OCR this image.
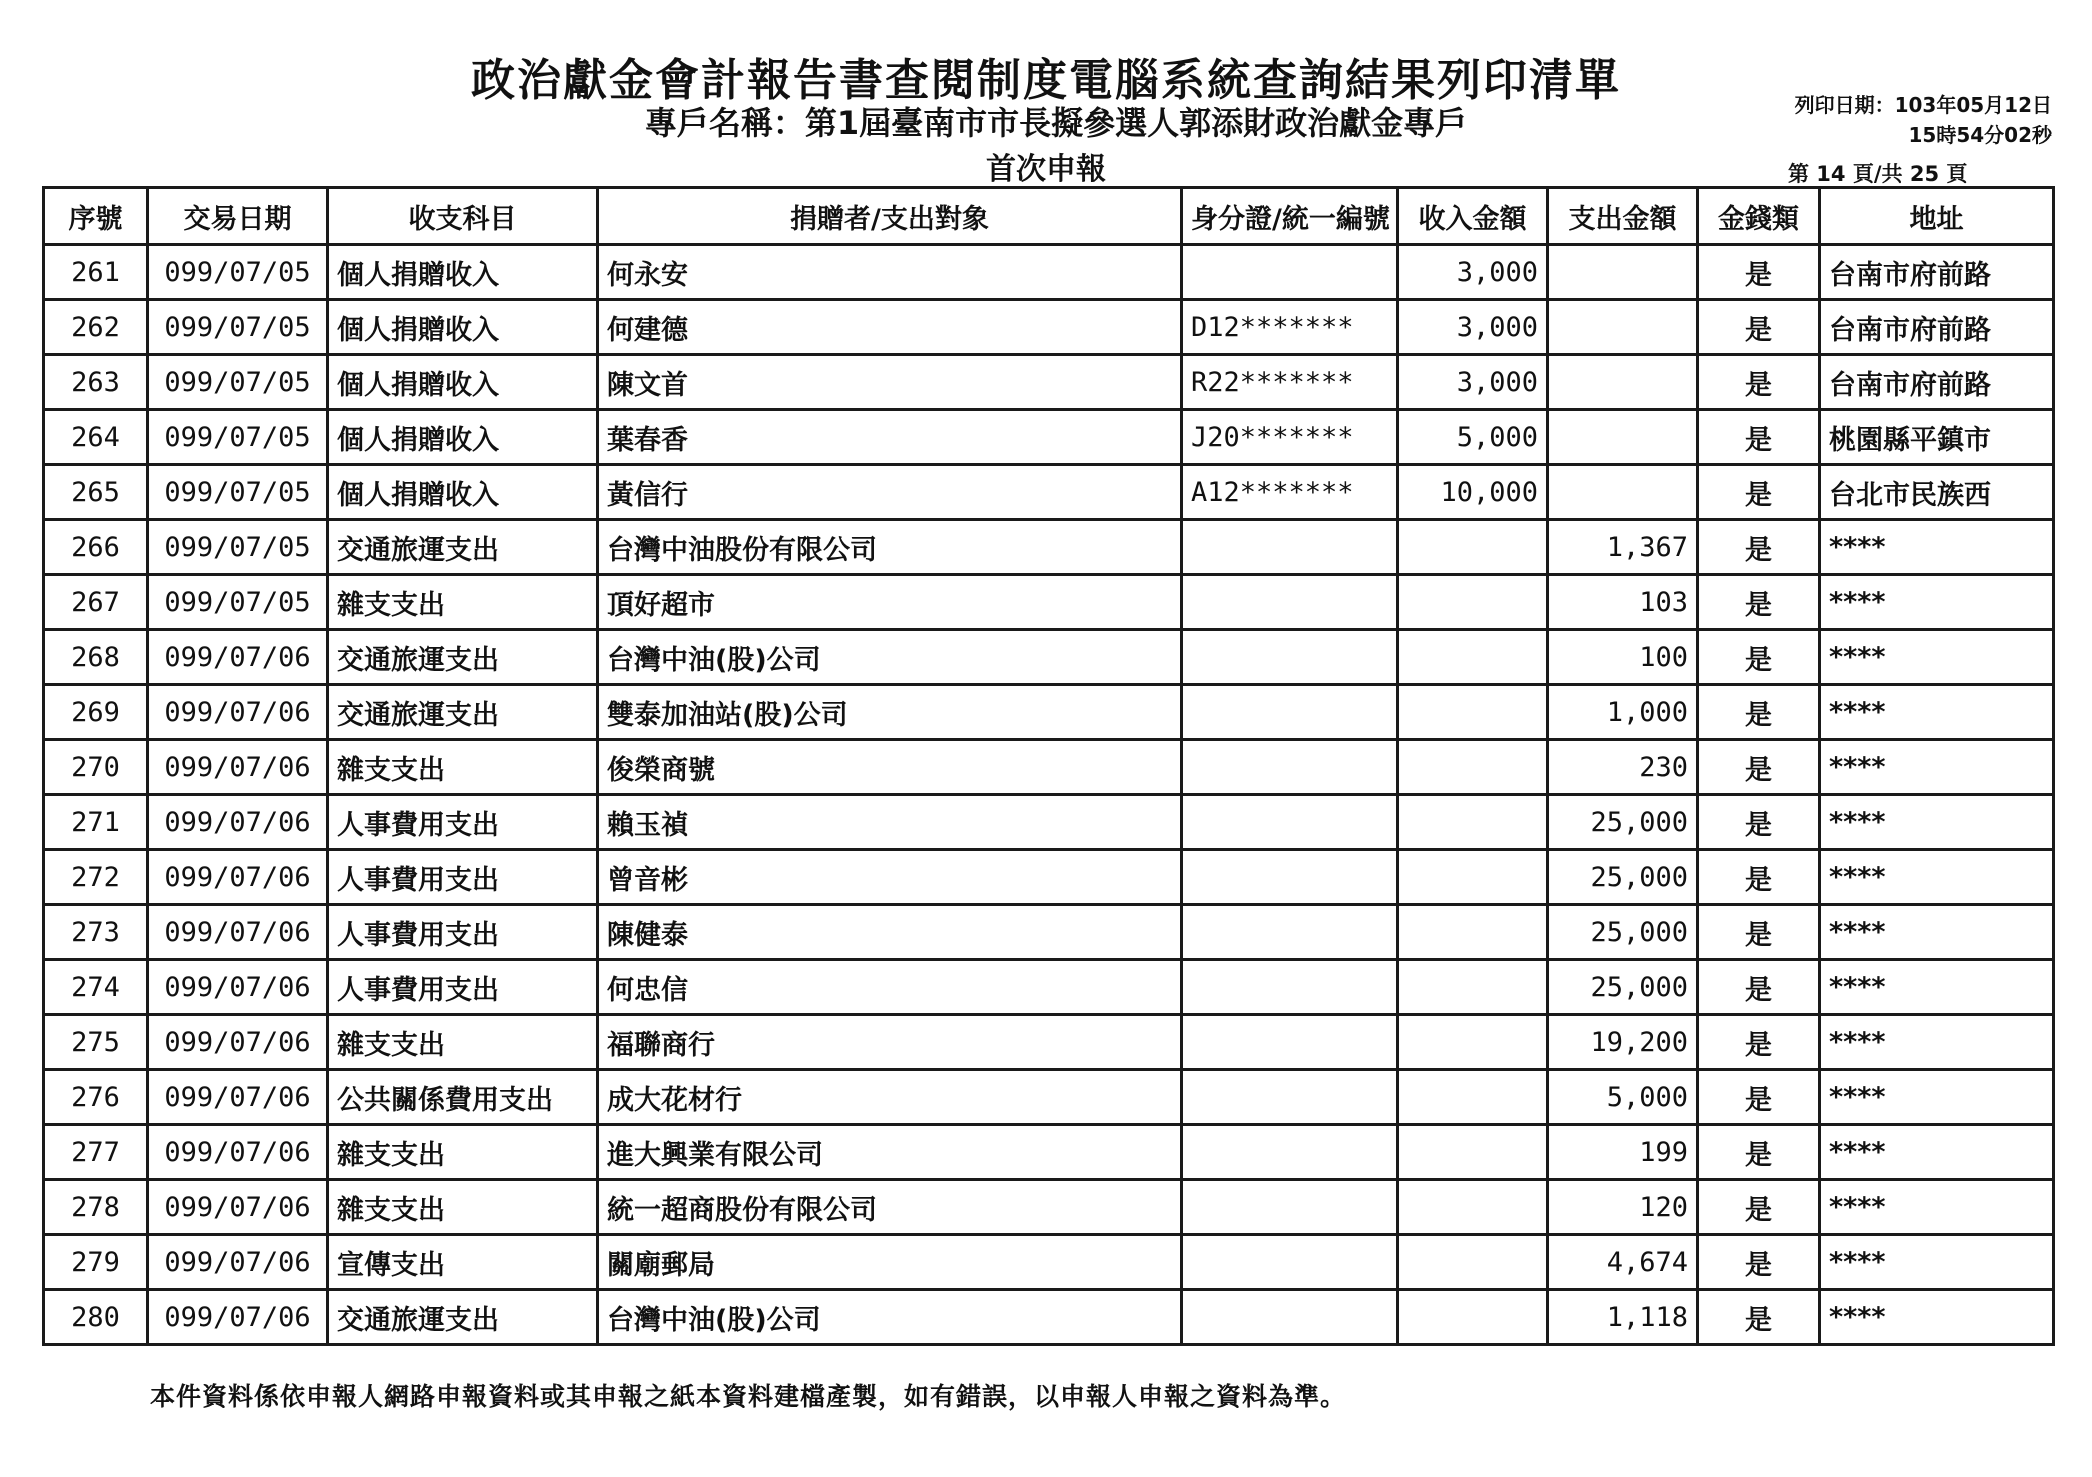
政治獻金會計報告書查閱制度電腦系統查詢結果列印清單
專戶名稱：第1屆臺南市市長擬參選人郭添財政治獻金專戶
首次申報
列印日期：103年05月12日
15時54分02秒
第 14 頁/共 25 頁
序號	交易日期	收支科目	捐贈者/支出對象	身分證/統一編號	收入金額	支出金額	金錢類	地址
261	099/07/05	個人捐贈收入	何永安		3,000		是	台南市府前路
262	099/07/05	個人捐贈收入	何建德	D12*******	3,000		是	台南市府前路
263	099/07/05	個人捐贈收入	陳文首	R22*******	3,000		是	台南市府前路
264	099/07/05	個人捐贈收入	葉春香	J20*******	5,000		是	桃園縣平鎮市
265	099/07/05	個人捐贈收入	黃信行	A12*******	10,000		是	台北市民族西
266	099/07/05	交通旅運支出	台灣中油股份有限公司			1,367	是	****
267	099/07/05	雜支支出	頂好超市			103	是	****
268	099/07/06	交通旅運支出	台灣中油(股)公司			100	是	****
269	099/07/06	交通旅運支出	雙泰加油站(股)公司			1,000	是	****
270	099/07/06	雜支支出	俊榮商號			230	是	****
271	099/07/06	人事費用支出	賴玉禎			25,000	是	****
272	099/07/06	人事費用支出	曾音彬			25,000	是	****
273	099/07/06	人事費用支出	陳健泰			25,000	是	****
274	099/07/06	人事費用支出	何忠信			25,000	是	****
275	099/07/06	雜支支出	福聯商行			19,200	是	****
276	099/07/06	公共關係費用支出	成大花材行			5,000	是	****
277	099/07/06	雜支支出	進大興業有限公司			199	是	****
278	099/07/06	雜支支出	統一超商股份有限公司			120	是	****
279	099/07/06	宣傳支出	關廟郵局			4,674	是	****
280	099/07/06	交通旅運支出	台灣中油(股)公司			1,118	是	****
本件資料係依申報人網路申報資料或其申報之紙本資料建檔產製，如有錯誤，以申報人申報之資料為準。
